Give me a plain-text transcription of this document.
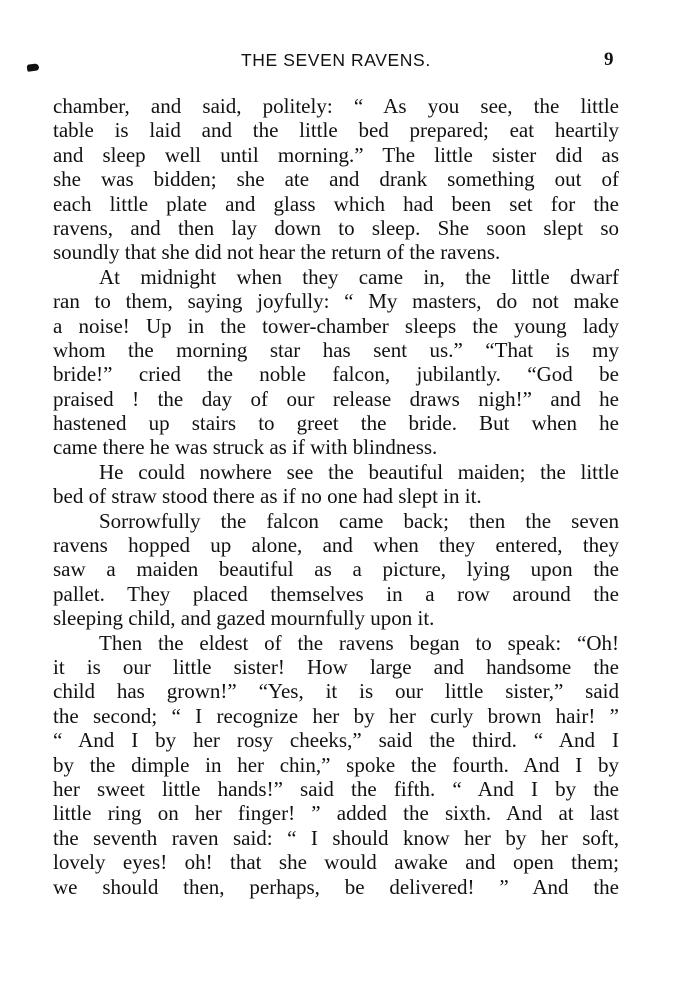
THE SEVEN RAVENS.	9
chamber, and said, politely: “ As you see, the little
table is laid and the little bed prepared; eat heartily
and sleep well until morning.” The little sister did as
she was bidden; she ate and drank something out of
each little plate and glass which had been set for the
ravens, and then lay down to sleep. She soon slept so
soundly that she did not hear the return of the ravens.
At midnight when they came in, the little dwarf
ran to them, saying joyfully: “ My masters, do not make
a noise! Up in the tower-chamber sleeps the young lady
whom the morning star has sent us.” “That is my
bride!” cried the noble falcon, jubilantly. “God be
praised ! the day of our release draws nigh!” and he
hastened up stairs to greet the bride. But when he
came there he was struck as if with blindness.
He could nowhere see the beautiful maiden; the little
bed of straw stood there as if no one had slept in it.
Sorrowfully the falcon came back; then the seven
ravens hopped up alone, and when they entered, they
saw a maiden beautiful as a picture, lying upon the
pallet. They placed themselves in a row around the
sleeping child, and gazed mournfully upon it.
Then the eldest of the ravens began to speak: “Oh!
it is our little sister! How large and handsome the
child has grown!” “Yes, it is our little sister,” said
the second; “ I recognize her by her curly brown hair! ”
“ And I by her rosy cheeks,” said the third. “ And I
by the dimple in her chin,” spoke the fourth. And I by
her sweet little hands!” said the fifth. “ And I by the
little ring on her finger! ” added the sixth. And at last
the seventh raven said: “ I should know her by her soft,
lovely eyes! oh! that she would awake and open them;
we should then, perhaps, be delivered! ” And the
